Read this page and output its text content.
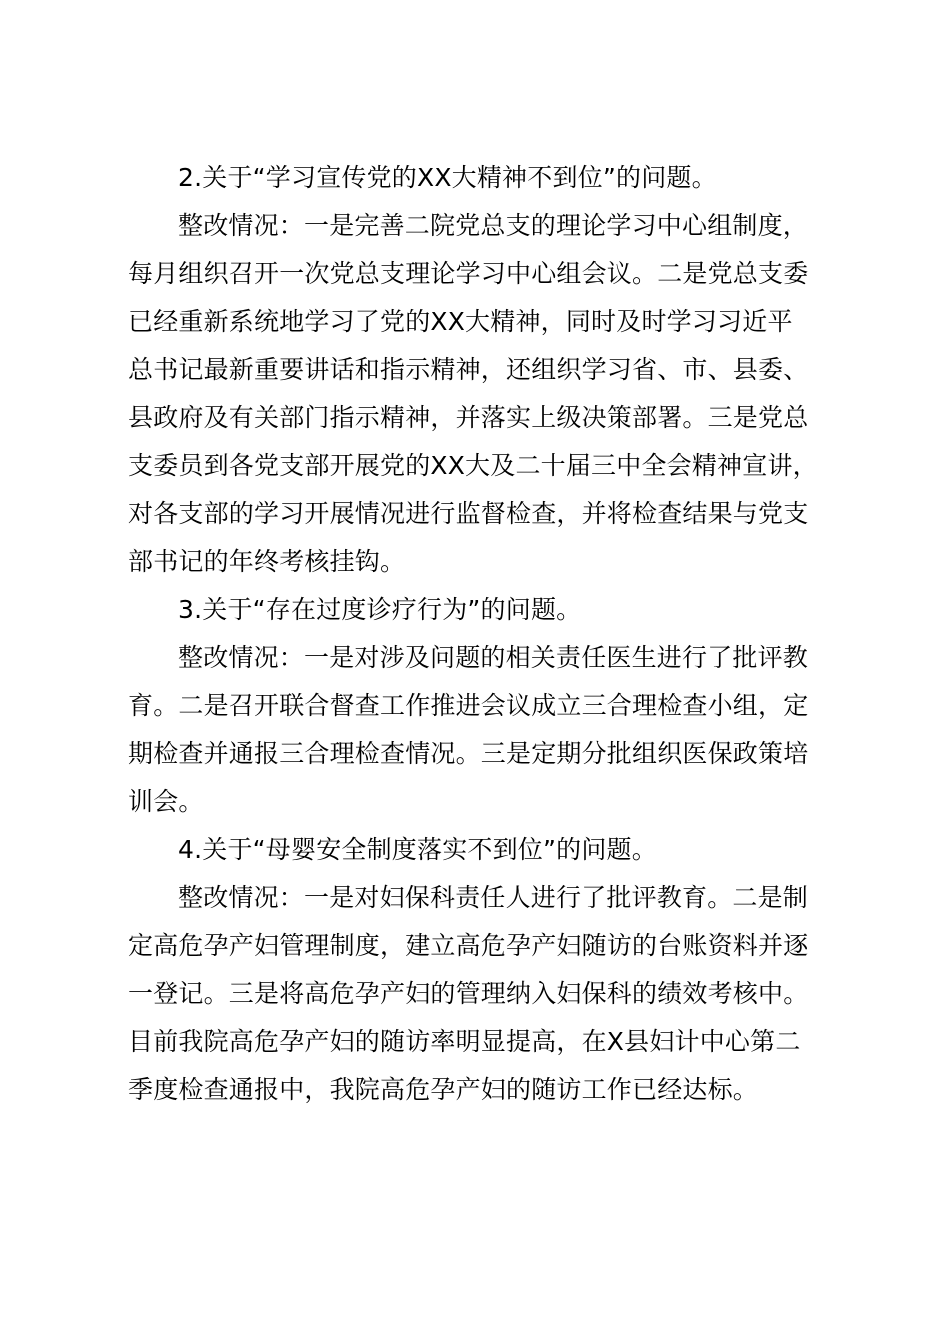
2.关于“学习宣传党的XX大精神不到位”的问题。
整改情况：一是完善二院党总支的理论学习中心组制度，
每月组织召开一次党总支理论学习中心组会议。二是党总支委
已经重新系统地学习了党的XX大精神，同时及时学习习近平
总书记最新重要讲话和指示精神，还组织学习省、市、县委、
县政府及有关部门指示精神，并落实上级决策部署。三是党总
支委员到各党支部开展党的XX大及二十届三中全会精神宣讲，
对各支部的学习开展情况进行监督检查，并将检查结果与党支
部书记的年终考核挂钩。
3.关于“存在过度诊疗行为”的问题。
整改情况：一是对涉及问题的相关责任医生进行了批评教
育。二是召开联合督查工作推进会议成立三合理检查小组，定
期检查并通报三合理检查情况。三是定期分批组织医保政策培
训会。
4.关于“母婴安全制度落实不到位”的问题。
整改情况：一是对妇保科责任人进行了批评教育。二是制
定高危孕产妇管理制度，建立高危孕产妇随访的台账资料并逐
一登记。三是将高危孕产妇的管理纳入妇保科的绩效考核中。
目前我院高危孕产妇的随访率明显提高，在X县妇计中心第二
季度检查通报中，我院高危孕产妇的随访工作已经达标。
